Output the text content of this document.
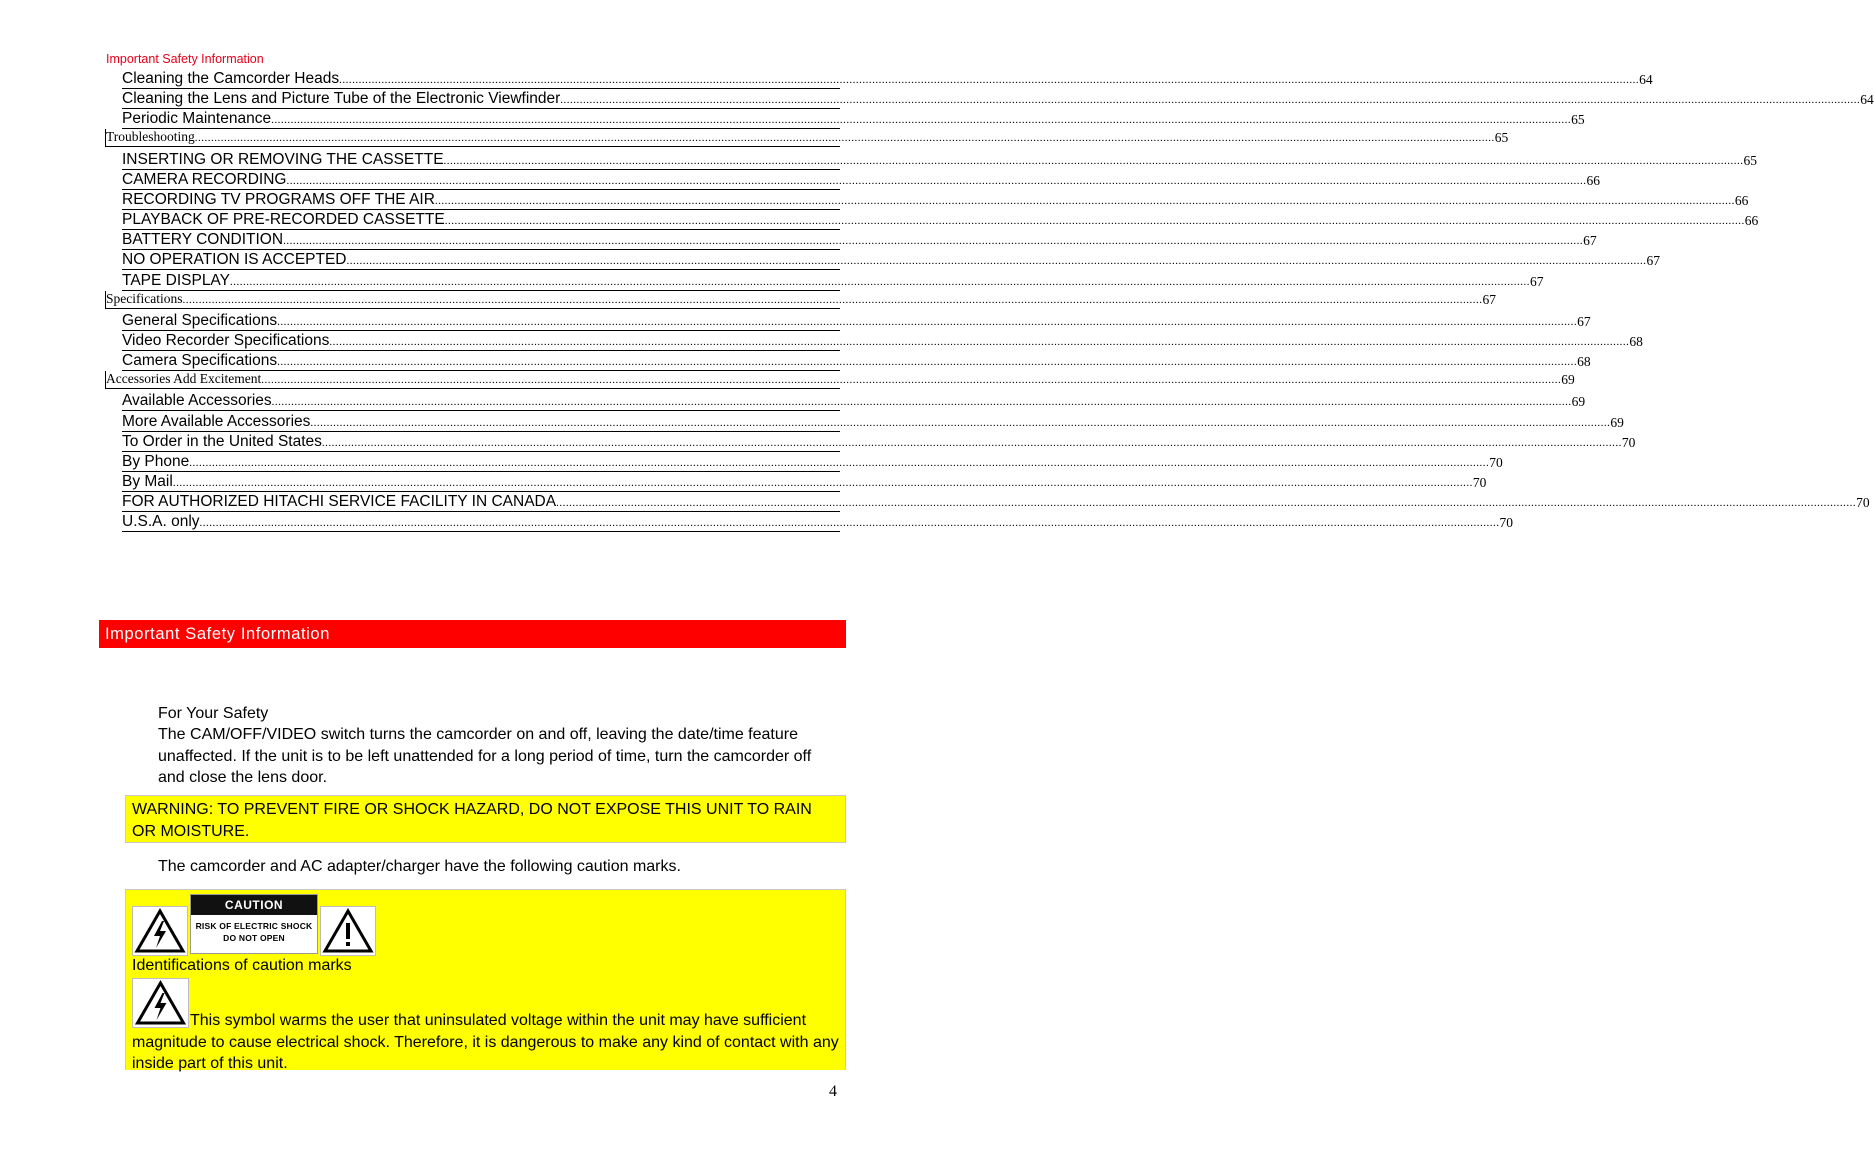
Important Safety Information
Cleaning the Camcorder Heads ................................................................................................................................................................................................................................................................................................................................................................................................................ 64
Cleaning the Lens and Picture Tube of the Electronic Viewfinder ................................................................................................................................................................................................................................................................................................................................................................................................................ 64
Periodic Maintenance ................................................................................................................................................................................................................................................................................................................................................................................................................ 65
Troubleshooting ................................................................................................................................................................................................................................................................................................................................................................................................................ 65
INSERTING OR REMOVING THE CASSETTE ................................................................................................................................................................................................................................................................................................................................................................................................................ 65
CAMERA RECORDING ................................................................................................................................................................................................................................................................................................................................................................................................................ 66
RECORDING TV PROGRAMS OFF THE AIR ................................................................................................................................................................................................................................................................................................................................................................................................................ 66
PLAYBACK OF PRE-RECORDED CASSETTE ................................................................................................................................................................................................................................................................................................................................................................................................................ 66
BATTERY CONDITION ................................................................................................................................................................................................................................................................................................................................................................................................................ 67
NO OPERATION IS ACCEPTED ................................................................................................................................................................................................................................................................................................................................................................................................................ 67
TAPE DISPLAY ................................................................................................................................................................................................................................................................................................................................................................................................................ 67
Specifications ................................................................................................................................................................................................................................................................................................................................................................................................................ 67
General Specifications ................................................................................................................................................................................................................................................................................................................................................................................................................ 67
Video Recorder Specifications ................................................................................................................................................................................................................................................................................................................................................................................................................ 68
Camera Specifications ................................................................................................................................................................................................................................................................................................................................................................................................................ 68
Accessories Add Excitement ................................................................................................................................................................................................................................................................................................................................................................................................................ 69
Available Accessories ................................................................................................................................................................................................................................................................................................................................................................................................................ 69
More Available Accessories ................................................................................................................................................................................................................................................................................................................................................................................................................ 69
To Order in the United States ................................................................................................................................................................................................................................................................................................................................................................................................................ 70
By Phone ................................................................................................................................................................................................................................................................................................................................................................................................................ 70
By Mail ................................................................................................................................................................................................................................................................................................................................................................................................................ 70
FOR AUTHORIZED HITACHI SERVICE FACILITY IN CANADA ................................................................................................................................................................................................................................................................................................................................................................................................................ 70
U.S.A. only ................................................................................................................................................................................................................................................................................................................................................................................................................ 70
Important Safety Information
For Your Safety
The CAM/OFF/VIDEO switch turns the camcorder on and off, leaving the date/time feature unaffected. If the unit is to be left unattended for a long period of time, turn the camcorder off and close the lens door.
WARNING: TO PREVENT FIRE OR SHOCK HAZARD, DO NOT EXPOSE THIS UNIT TO RAIN OR MOISTURE.
The camcorder and AC adapter/charger have the following caution marks.
CAUTION
RISK OF ELECTRIC SHOCK
DO NOT OPEN
Identifications of caution marks
This symbol warms the user that uninsulated voltage within the unit may have sufficient magnitude to cause electrical shock. Therefore, it is dangerous to make any kind of contact with any inside part of this unit.
4
